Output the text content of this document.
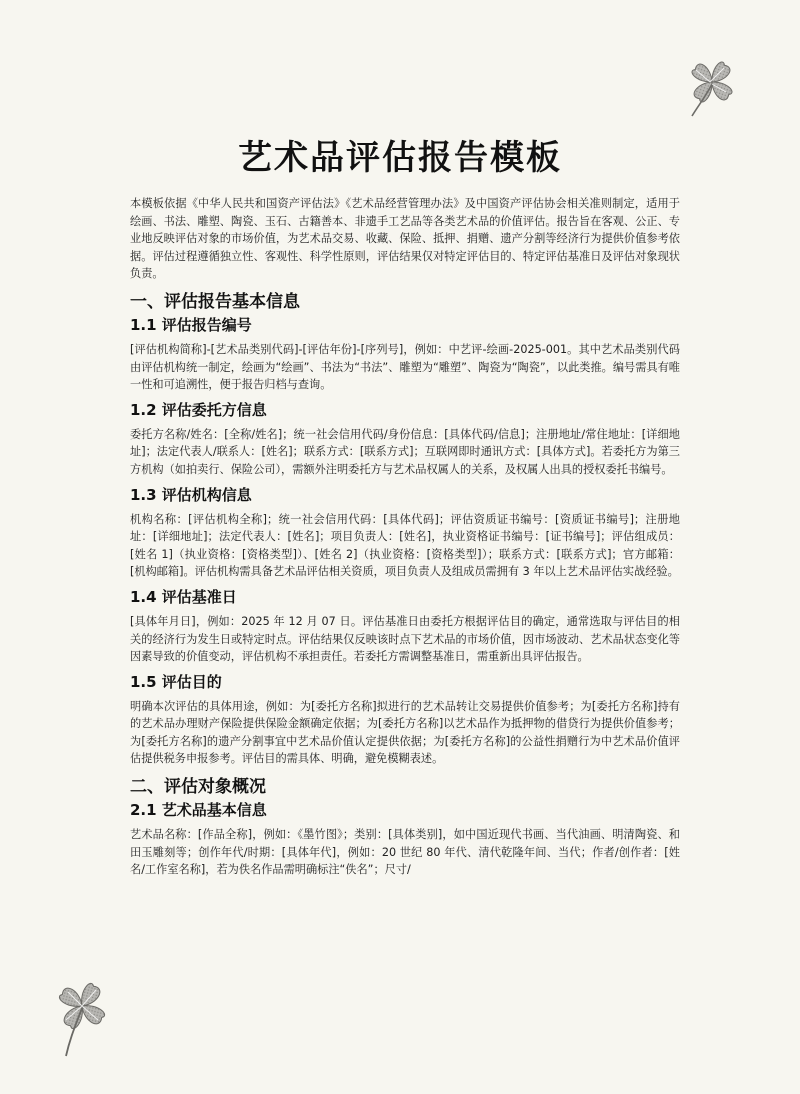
艺术品评估报告模板

本模板依据《中华人民共和国资产评估法》《艺术品经营管理办法》及中国资产评估协会相关准则制定，适用于绘画、书法、雕塑、陶瓷、玉石、古籍善本、非遗手工艺品等各类艺术品的价值评估。报告旨在客观、公正、专业地反映评估对象的市场价值，为艺术品交易、收藏、保险、抵押、捐赠、遗产分割等经济行为提供价值参考依据。评估过程遵循独立性、客观性、科学性原则，评估结果仅对特定评估目的、特定评估基准日及评估对象现状负责。

一、评估报告基本信息
1.1 评估报告编号

[评估机构简称]-[艺术品类别代码]-[评估年份]-[序列号]，例如：中艺评-绘画-2025-001。其中艺术品类别代码由评估机构统一制定，绘画为“绘画”、书法为“书法”、雕塑为“雕塑”、陶瓷为“陶瓷”，以此类推。编号需具有唯一性和可追溯性，便于报告归档与查询。

1.2 评估委托方信息

委托方名称/姓名：[全称/姓名]；统一社会信用代码/身份信息：[具体代码/信息]；注册地址/常住地址：[详细地址]；法定代表人/联系人：[姓名]；联系方式：[联系方式]；互联网即时通讯方式：[具体方式]。若委托方为第三方机构（如拍卖行、保险公司），需额外注明委托方与艺术品权属人的关系，及权属人出具的授权委托书编号。

1.3 评估机构信息

机构名称：[评估机构全称]；统一社会信用代码：[具体代码]；评估资质证书编号：[资质证书编号]；注册地址：[详细地址]；法定代表人：[姓名]；项目负责人：[姓名]，执业资格证书编号：[证书编号]；评估组成员：[姓名 1]（执业资格：[资格类型]）、[姓名 2]（执业资格：[资格类型]）；联系方式：[联系方式]；官方邮箱：[机构邮箱]。评估机构需具备艺术品评估相关资质，项目负责人及组成员需拥有 3 年以上艺术品评估实战经验。

1.4 评估基准日

[具体年月日]，例如：2025 年 12 月 07 日。评估基准日由委托方根据评估目的确定，通常选取与评估目的相关的经济行为发生日或特定时点。评估结果仅反映该时点下艺术品的市场价值，因市场波动、艺术品状态变化等因素导致的价值变动，评估机构不承担责任。若委托方需调整基准日，需重新出具评估报告。

1.5 评估目的

明确本次评估的具体用途，例如：为[委托方名称]拟进行的艺术品转让交易提供价值参考；为[委托方名称]持有的艺术品办理财产保险提供保险金额确定依据；为[委托方名称]以艺术品作为抵押物的借贷行为提供价值参考；为[委托方名称]的遗产分割事宜中艺术品价值认定提供依据；为[委托方名称]的公益性捐赠行为中艺术品价值评估提供税务申报参考。评估目的需具体、明确，避免模糊表述。

二、评估对象概况
2.1 艺术品基本信息

艺术品名称：[作品全称]，例如：《墨竹图》；类别：[具体类别]，如中国近现代书画、当代油画、明清陶瓷、和田玉雕刻等；创作年代/时期：[具体年代]，例如：20 世纪 80 年代、清代乾隆年间、当代；作者/创作者：[姓名/工作室名称]，若为佚名作品需明确标注“佚名”；尺寸/
